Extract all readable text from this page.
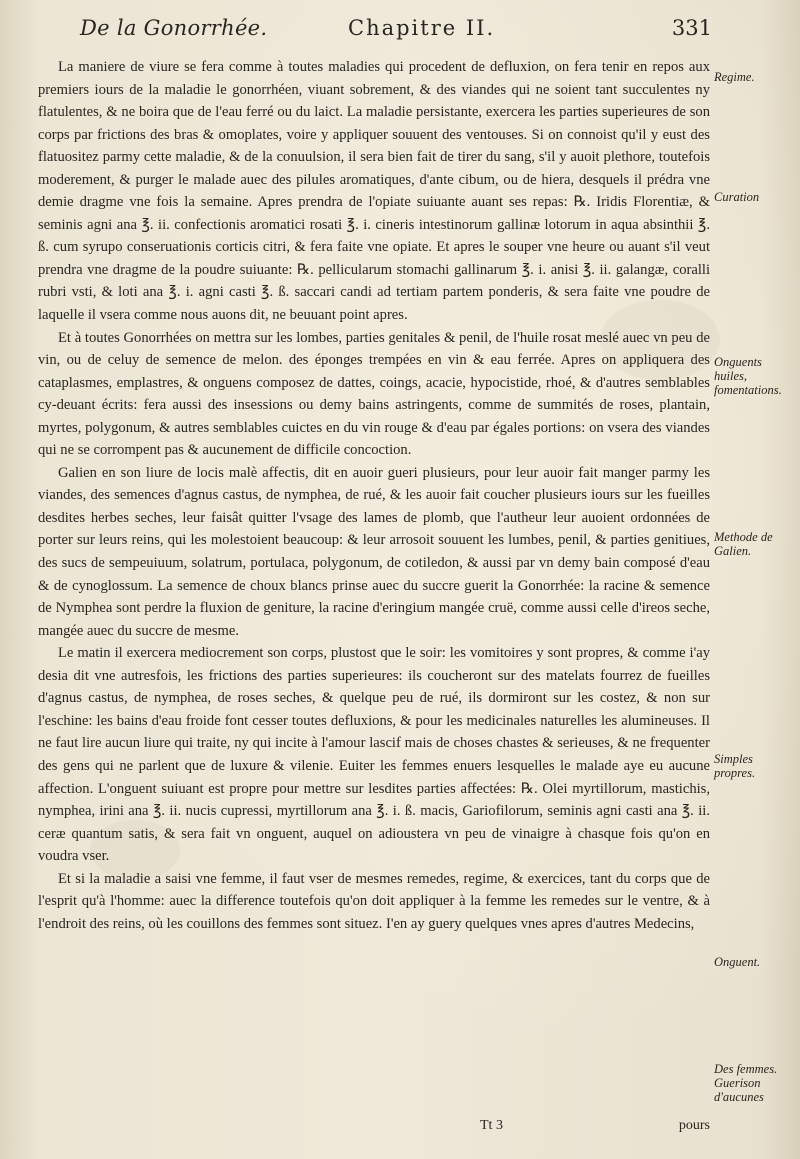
De la Gonorrhée.	Chapitre II.	331

La maniere de viure se fera comme à toutes maladies qui procedent de defluxion, on fera tenir en repos aux premiers iours de la maladie le gonorrhéen, viuant sobrement, & des viandes qui ne soient tant succulentes ny flatulentes, & ne boira que de l'eau ferré ou du laict. La maladie persistante, exercera les parties superieures de son corps par frictions des bras & omoplates, voire y appliquer souuent des ventouses. Si on connoist qu'il y eust des flatuositez parmy cette maladie, & de la conuulsion, il sera bien fait de tirer du sang, s'il y auoit plethore, toutefois moderement, & purger le malade auec des pilules aromatiques, d'ante cibum, ou de hiera, desquels il prédra vne demie dragme vne fois la semaine. Apres prendra de l'opiate suiuante auant ses repas: ℞. Iridis Florentiæ, & seminis agni ana ℥. ii. confectionis aromatici rosati ℥. i. cineris intestinorum gallinæ lotorum in aqua absinthii ℥. ß. cum syrupo conseruationis corticis citri, & fera faite vne opiate. Et apres le souper vne heure ou auant s'il veut prendra vne dragme de la poudre suiuante: ℞. pellicularum stomachi gallinarum ℥. i. anisi ℥. ii. galangæ, coralli rubri vsti, & loti ana ℥. i. agni casti ℥. ß. saccari candi ad tertiam partem ponderis, & sera faite vne poudre de laquelle il vsera comme nous auons dit, ne beuuant point apres.

Et à toutes Gonorrhées on mettra sur les lombes, parties genitales & penil, de l'huile rosat meslé auec vn peu de vin, ou de celuy de semence de melon. des éponges trempées en vin & eau ferrée. Apres on appliquera des cataplasmes, emplastres, & onguens composez de dattes, coings, acacie, hypocistide, rhoé, & d'autres semblables cy-deuant écrits: fera aussi des insessions ou demy bains astringents, comme de summités de roses, plantain, myrtes, polygonum, & autres semblables cuictes en du vin rouge & d'eau par égales portions: on vsera des viandes qui ne se corrompent pas & aucunement de difficile concoction.

Galien en son liure de locis malè affectis, dit en auoir gueri plusieurs, pour leur auoir fait manger parmy les viandes, des semences d'agnus castus, de nymphea, de rué, & les auoir fait coucher plusieurs iours sur les fueilles desdites herbes seches, leur faisât quitter l'vsage des lames de plomb, que l'autheur leur auoient ordonnées de porter sur leurs reins, qui les molestoient beaucoup: & leur arrosoit souuent les lumbes, penil, & parties genitiues, des sucs de sempeuiuum, solatrum, portulaca, polygonum, de cotiledon, & aussi par vn demy bain composé d'eau & de cynoglossum. La semence de choux blancs prinse auec du succre guerit la Gonorrhée: la racine & semence de Nymphea sont perdre la fluxion de geniture, la racine d'eringium mangée cruë, comme aussi celle d'ireos seche, mangée auec du succre de mesme.

Le matin il exercera mediocrement son corps, plustost que le soir: les vomitoires y sont propres, & comme i'ay desia dit vne autresfois, les frictions des parties superieures: ils coucheront sur des matelats fourrez de fueilles d'agnus castus, de nymphea, de roses seches, & quelque peu de rué, ils dormiront sur les costez, & non sur l'eschine: les bains d'eau froide font cesser toutes defluxions, & pour les medicinales naturelles les alumineuses. Il ne faut lire aucun liure qui traite, ny qui incite à l'amour lascif mais de choses chastes & serieuses, & ne frequenter des gens qui ne parlent que de luxure & vilenie. Euiter les femmes enuers lesquelles le malade aye eu aucune affection. L'onguent suiuant est propre pour mettre sur lesdites parties affectées: ℞. Olei myrtillorum, mastichis, nymphea, irini ana ℥. ii. nucis cupressi, myrtillorum ana ℥. i. ß. macis, Gariofilorum, seminis agni casti ana ℥. ii. ceræ quantum satis, & sera fait vn onguent, auquel on adioustera vn peu de vinaigre à chasque fois qu'on en voudra vser.

Et si la maladie a saisi vne femme, il faut vser de mesmes remedes, regime, & exercices, tant du corps que de l'esprit qu'à l'homme: auec la difference toutefois qu'on doit appliquer à la femme les remedes sur le ventre, & à l'endroit des reins, où les couillons des femmes sont situez. I'en ay guery quelques vnes apres d'autres Medecins,

Regime.
Curation
Onguents huiles, fomentations.
Methode de Galien.
Simples propres.
Onguent.
Des femmes. Guerison d'aucunes
Tt 3	pours
